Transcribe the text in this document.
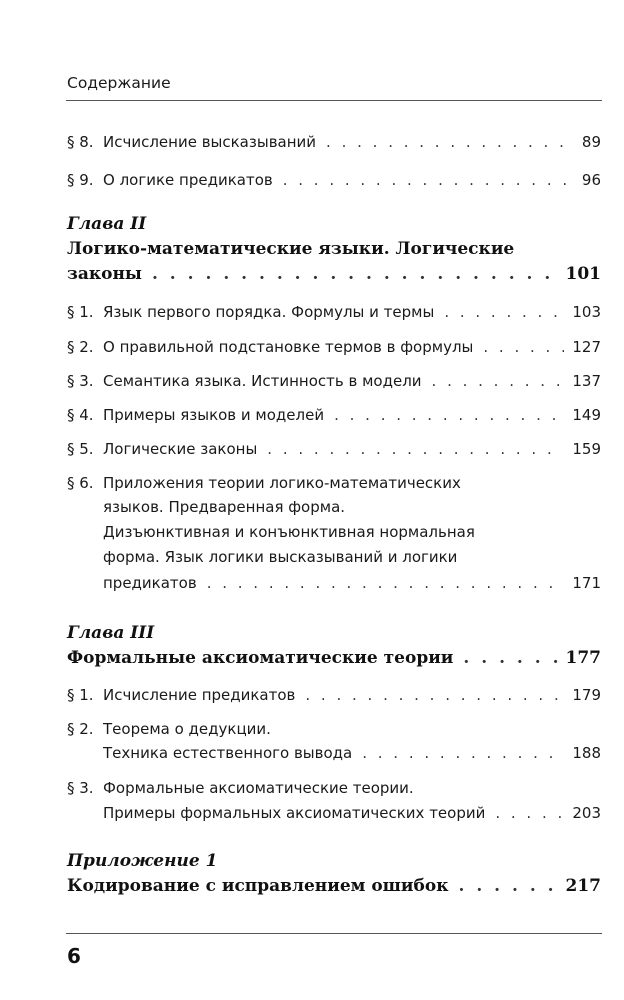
Содержание
§ 8. Исчисление высказываний . . .	89
§ 9. О логике предикатов . . .	96
Глава II
Логико-математические языки. Логические
законы . . .	101
§ 1. Язык первого порядка. Формулы и термы . . .	103
§ 2. О правильной подстановке термов в формулы . . .	127
§ 3. Семантика языка. Истинность в модели . . .	137
§ 4. Примеры языков и моделей . . .	149
§ 5. Логические законы . . .	159
§ 6. Приложения теории логико-математических
языков. Предваренная форма.
Дизъюнктивная и конъюнктивная нормальная
форма. Язык логики высказываний и логики
предикатов . . .	171
Глава III
Формальные аксиоматические теории . . .	177
§ 1. Исчисление предикатов . . .	179
§ 2. Теорема о дедукции.
Техника естественного вывода . . .	188
§ 3. Формальные аксиоматические теории.
Примеры формальных аксиоматических теорий . . .	203
Приложение 1
Кодирование с исправлением ошибок . . .	217
6
